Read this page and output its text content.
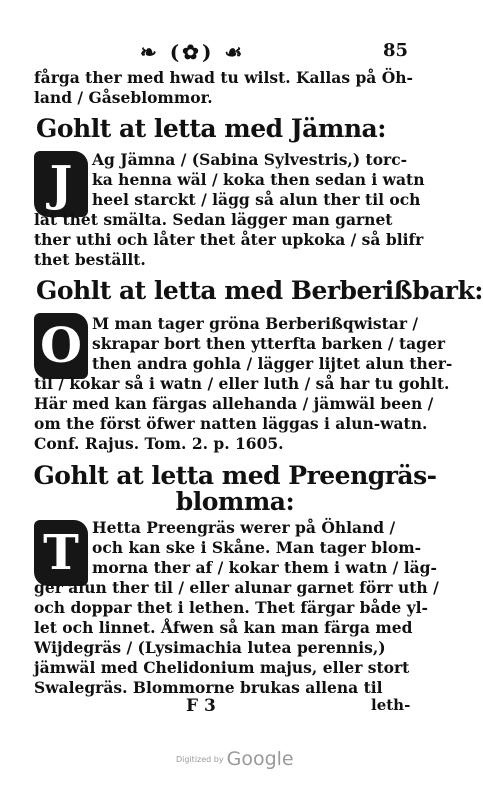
❧ (✿) ☙	85
fårga ther med hwad tu wilst. Kallas på Öh-
land / Gåseblommor.
Gohlt at letta med Jämna:
J	Ag Jämna / (Sabina Sylvestris,) torc-
ka henna wäl / koka then sedan i watn
heel starckt / lägg så alun ther til och
låt thet smälta. Sedan lägger man garnet
ther uthi och låter thet åter upkoka / så blifr
thet beställt.
Gohlt at letta med Berberißbark:
O M man tager gröna Berberißqwistar /
skrapar bort then ytterfta barken / tager
then andra gohla / lägger lijtet alun ther-
til / kokar så i watn / eller luth / så har tu gohlt.
Här med kan färgas allehanda / jämwäl been /
om the först öfwer natten läggas i alun-watn.
Conf. Rajus. Tom. 2. p. 1605.
Gohlt at letta med Preengräs-
blomma:
T Hetta Preengräs werer på Öhland /
och kan ske i Skåne. Man tager blom-
morna ther af / kokar them i watn / läg-
ger alun ther til / eller alunar garnet förr uth /
och doppar thet i lethen. Thet färgar både yl-
let och linnet. Åfwen så kan man färga med
Wijdegräs / (Lysimachia lutea perennis,)
jämwäl med Chelidonium majus, eller stort
Swalegräs. Blommorne brukas allena til
F 3	leth-
Digitized by Google
